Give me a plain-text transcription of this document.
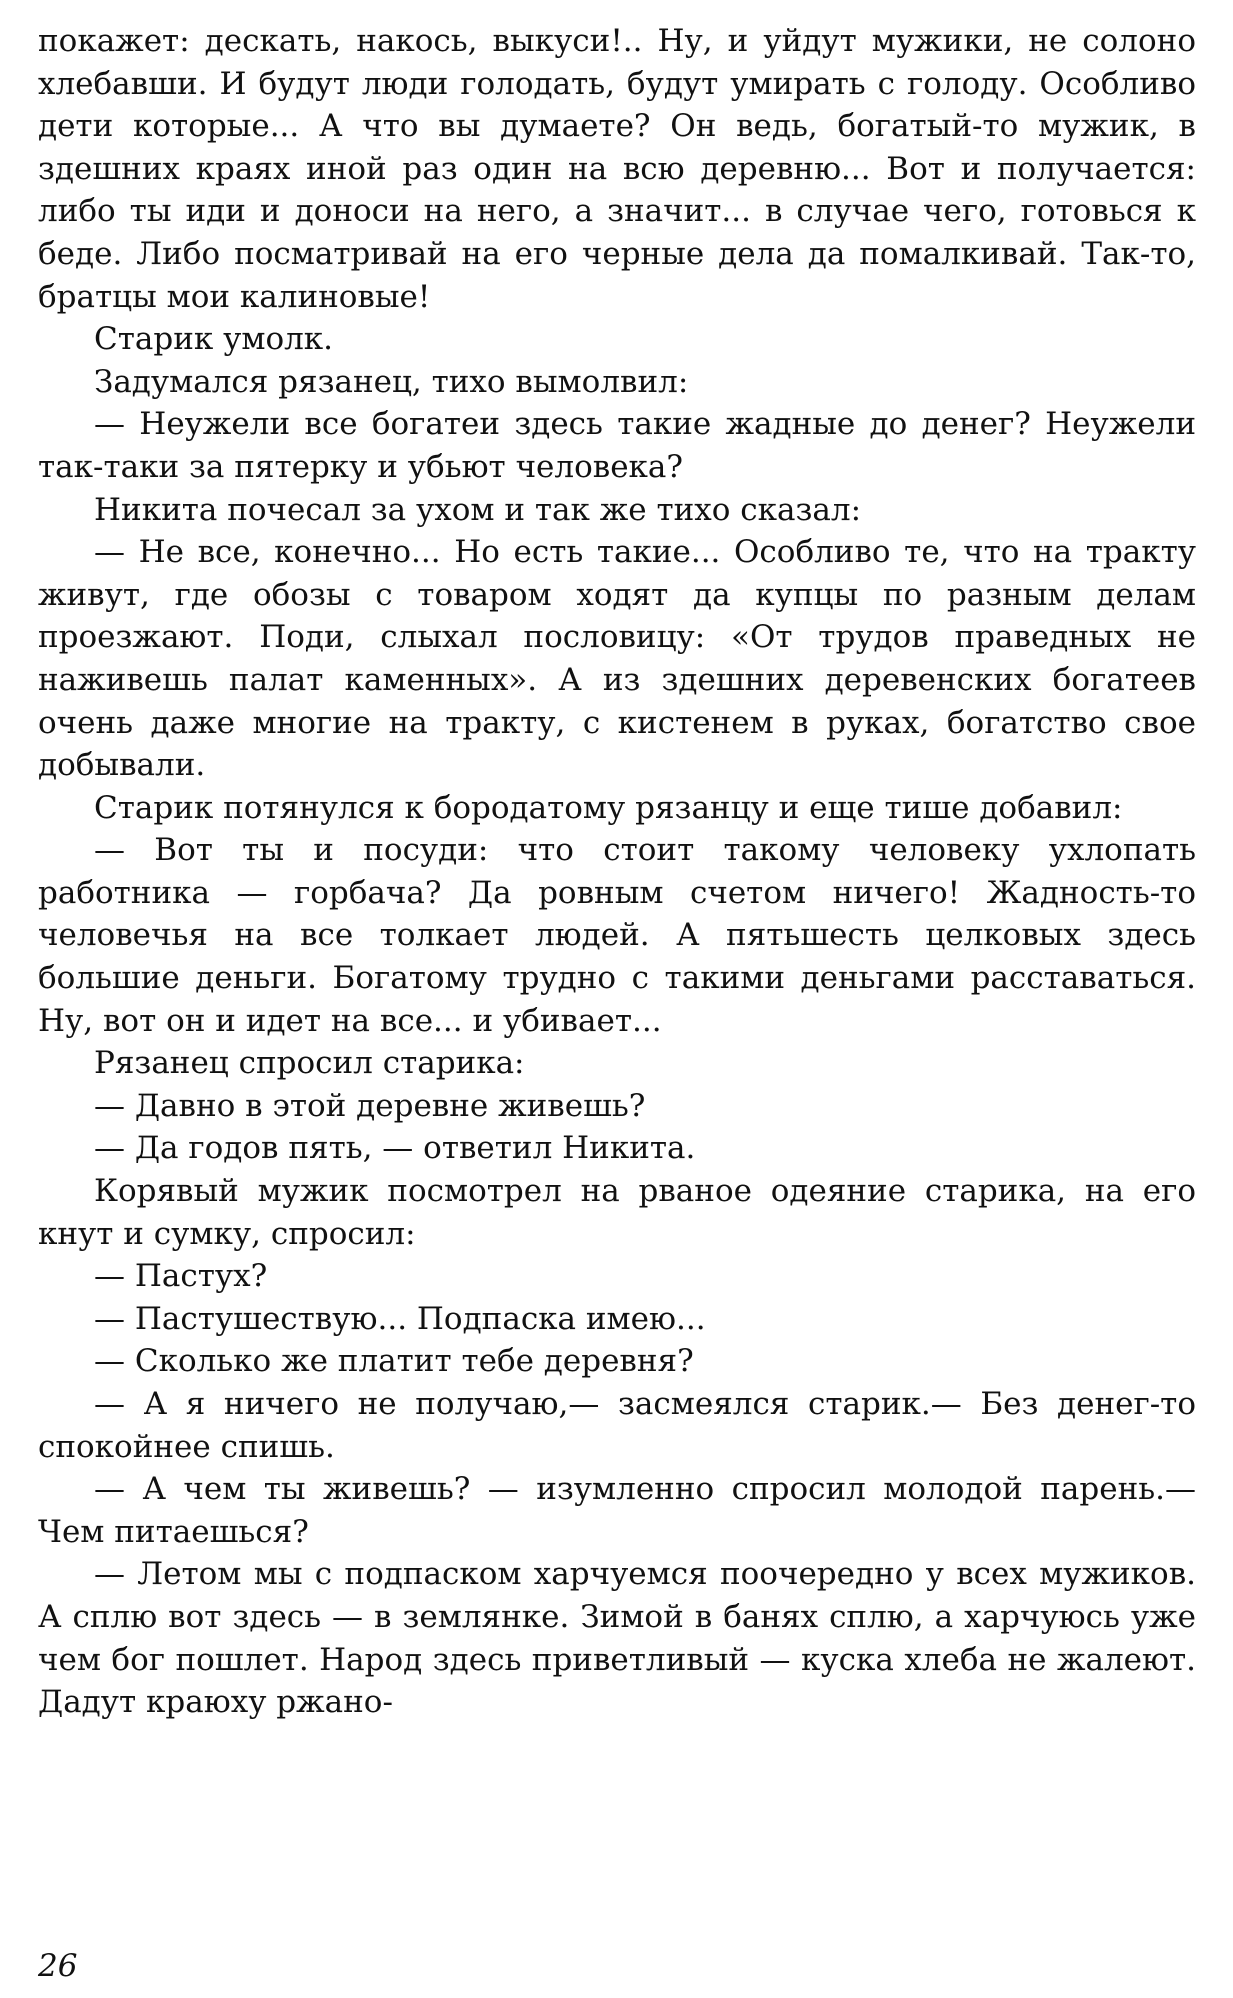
покажет: дескать, накось, выкуси!.. Ну, и уйдут мужики, не солоно хлебавши. И будут люди голодать, будут умирать с голоду. Особливо дети которые... А что вы думаете? Он ведь, богатый-то мужик, в здешних краях иной раз один на всю деревню... Вот и получается: либо ты иди и доноси на него, а значит... в случае чего, готовься к беде. Либо посматривай на его черные дела да помалкивай. Так-то, братцы мои калиновые!

Старик умолк.

Задумался рязанец, тихо вымолвил:

— Неужели все богатеи здесь такие жадные до денег? Неужели так-таки за пятерку и убьют человека?

Никита почесал за ухом и так же тихо сказал:

— Не все, конечно... Но есть такие... Особливо те, что на тракту живут, где обозы с товаром ходят да купцы по разным делам проезжают. Поди, слыхал пословицу: «От трудов праведных не наживешь палат каменных». А из здешних деревенских богатеев очень даже многие на тракту, с кистенем в руках, богатство свое добывали.

Старик потянулся к бородатому рязанцу и еще тише добавил:

— Вот ты и посуди: что стоит такому человеку ухлопать работника — горбача? Да ровным счетом ничего! Жадность-то человечья на все толкает людей. А пятьшесть целковых здесь большие деньги. Богатому трудно с такими деньгами расставаться. Ну, вот он и идет на все... и убивает...

Рязанец спросил старика:

— Давно в этой деревне живешь?

— Да годов пять, — ответил Никита.

Корявый мужик посмотрел на рваное одеяние старика, на его кнут и сумку, спросил:

— Пастух?

— Пастушествую... Подпаска имею...

— Сколько же платит тебе деревня?

— А я ничего не получаю,— засмеялся старик.— Без денег-то спокойнее спишь.

— А чем ты живешь? — изумленно спросил молодой парень.— Чем питаешься?

— Летом мы с подпаском харчуемся поочередно у всех мужиков. А сплю вот здесь — в землянке. Зимой в банях сплю, а харчуюсь уже чем бог пошлет. Народ здесь приветливый — куска хлеба не жалеют. Дадут краюху ржано-

26
